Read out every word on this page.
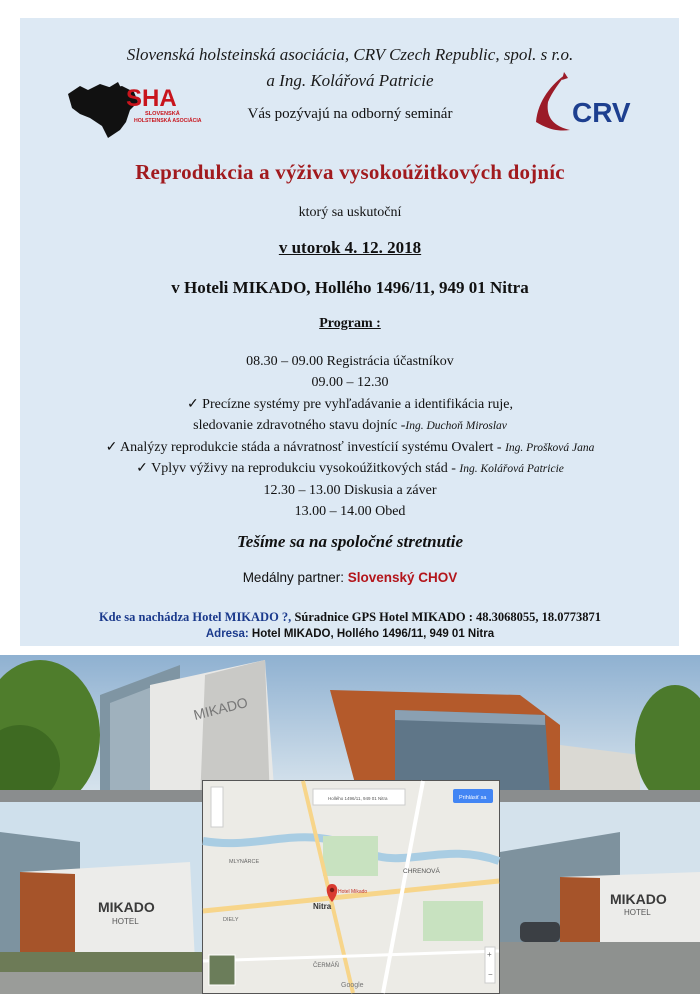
Slovenská holsteinská asociácia, CRV Czech Republic, spol. s r.o.
a Ing. Kolářová Patricie
SHA
SLOVENSKÁ
HOLSTEINSKÁ ASOCIÁCIA	CRV
Vás pozývajú na odborný seminár
Reprodukcia a výživa vysokoúžitkových dojníc
ktorý sa uskutoční
v utorok 4. 12. 2018
v Hoteli MIKADO, Hollého 1496/11, 949 01 Nitra
Program :
08.30 – 09.00 Registrácia účastníkov
09.00 – 12.30
✓ Precízne systémy pre vyhľadávanie a identifikácia ruje,
sledovanie zdravotného stavu dojníc -Ing. Duchoň Miroslav
✓ Analýzy reprodukcie stáda a návratnosť investícií systému Ovalert - Ing. Prošková Jana
✓ Vplyv výživy na reprodukciu vysokoúžitkových stád - Ing. Kolářová Patricie
12.30 – 13.00 Diskusia a záver
13.00 – 14.00 Obed
Tešíme sa na spoločné stretnutie
Medálny partner: Slovenský CHOV
Kde sa nachádza Hotel MIKADO ?, Súradnice GPS Hotel MIKADO : 48.3068055, 18.0773871
Adresa: Hotel MIKADO, Hollého 1496/11, 949 01 Nitra
MIKADO
MIKADO
HOTEL
MIKADO
HOTEL
Hollého 1496/11, 949 01 Nitra	Prihlásiť sa
Hotel Mikado
Nitra
CHRENOVÁ
MLYNÁRCE
ČERMÁŇ
DIELY
+
−
Google
